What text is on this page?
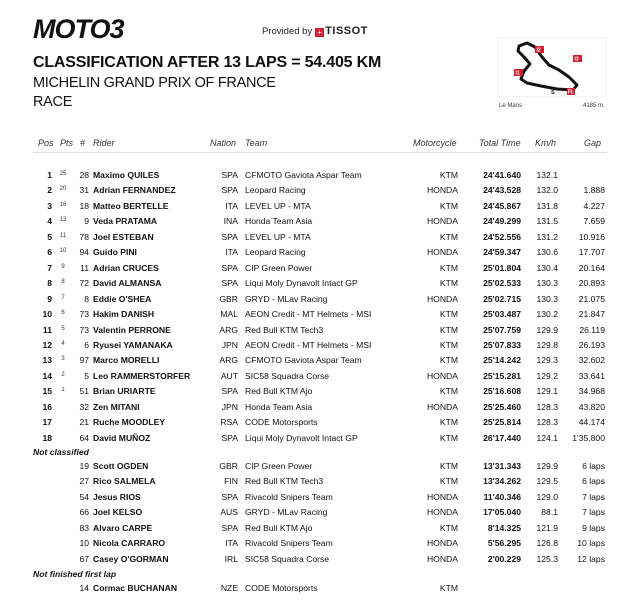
MOTO3	Provided by + TISSOT
CLASSIFICATION AFTER 13 LAPS = 54.405 KM
MICHELIN GRAND PRIX OF FRANCE
RACE
I2
I1
I3
FL
S
Le Mans	4185 m.
Pos Pts # Rider	Nation Team	Motorcycle Total Time Km/h	Gap
1	25	28 Maximo QUILES	SPA CFMOTO Gaviota Aspar Team	KTM	24'41.640	132.1
2	20	31 Adrian FERNANDEZ	SPA Leopard Racing	HONDA	24'43.528	132.0	1.888
3	16	18 Matteo BERTELLE	ITA LEVEL UP - MTA	KTM	24'45.867	131.8	4.227
4	13	9 Veda PRATAMA	INA Honda Team Asia	HONDA	24'49.299	131.5	7.659
5	11	78 Joel ESTEBAN	SPA LEVEL UP - MTA	KTM	24'52.556	131.2	10.916
6	10	94 Guido PINI	ITA Leopard Racing	HONDA	24'59.347	130.6	17.707
7	9	11 Adrian CRUCES	SPA CIP Green Power	KTM	25'01.804	130.4	20.164
8	8	72 David ALMANSA	SPA Liqui Moly Dynavolt Intact GP	KTM	25'02.533	130.3	20.893
9	7	8 Eddie O'SHEA	GBR GRYD - MLav Racing	HONDA	25'02.715	130.3	21.075
10	6	73 Hakim DANISH	MAL AEON Credit - MT Helmets - MSI	KTM	25'03.487	130.2	21.847
11	5	73 Valentin PERRONE	ARG Red Bull KTM Tech3	KTM	25'07.759	129.9	26.119
12	4	6 Ryusei YAMANAKA	JPN AEON Credit - MT Helmets - MSI	KTM	25'07.833	129.8	26.193
13	3	97 Marco MORELLI	ARG CFMOTO Gaviota Aspar Team	KTM	25'14.242	129.3	32.602
14	2	5 Leo RAMMERSTORFER	AUT SIC58 Squadra Corse	HONDA	25'15.281	129.2	33.641
15	1	51 Brian URIARTE	SPA Red Bull KTM Ajo	KTM	25'16.608	129.1	34.968
16	32 Zen MITANI	JPN Honda Team Asia	HONDA	25'25.460	128.3	43.820
17	21 Ruche MOODLEY	RSA CODE Motorsports	KTM	25'25.814	128.3	44.174
18	64 David MUÑOZ	SPA Liqui Moly Dynavolt Intact GP	KTM	26'17.440	124.1	1'35.800
Not classified
19 Scott OGDEN	GBR CIP Green Power	KTM	13'31.343	129.9	6 laps
27 Rico SALMELA	FIN Red Bull KTM Tech3	KTM	13'34.262	129.5	6 laps
54 Jesus RIOS	SPA Rivacold Snipers Team	HONDA	11'40.346	129.0	7 laps
66 Joel KELSO	AUS GRYD - MLav Racing	HONDA	17'05.040	88.1	7 laps
83 Alvaro CARPE	SPA Red Bull KTM Ajo	KTM	8'14.325	121.9	9 laps
10 Nicola CARRARO	ITA Rivacold Snipers Team	HONDA	5'56.295	126.8	10 laps
67 Casey O'GORMAN	IRL SIC58 Squadra Corse	HONDA	2'00.229	125.3	12 laps
Not finished first lap
14 Cormac BUCHANAN	NZE CODE Motorsports	KTM
